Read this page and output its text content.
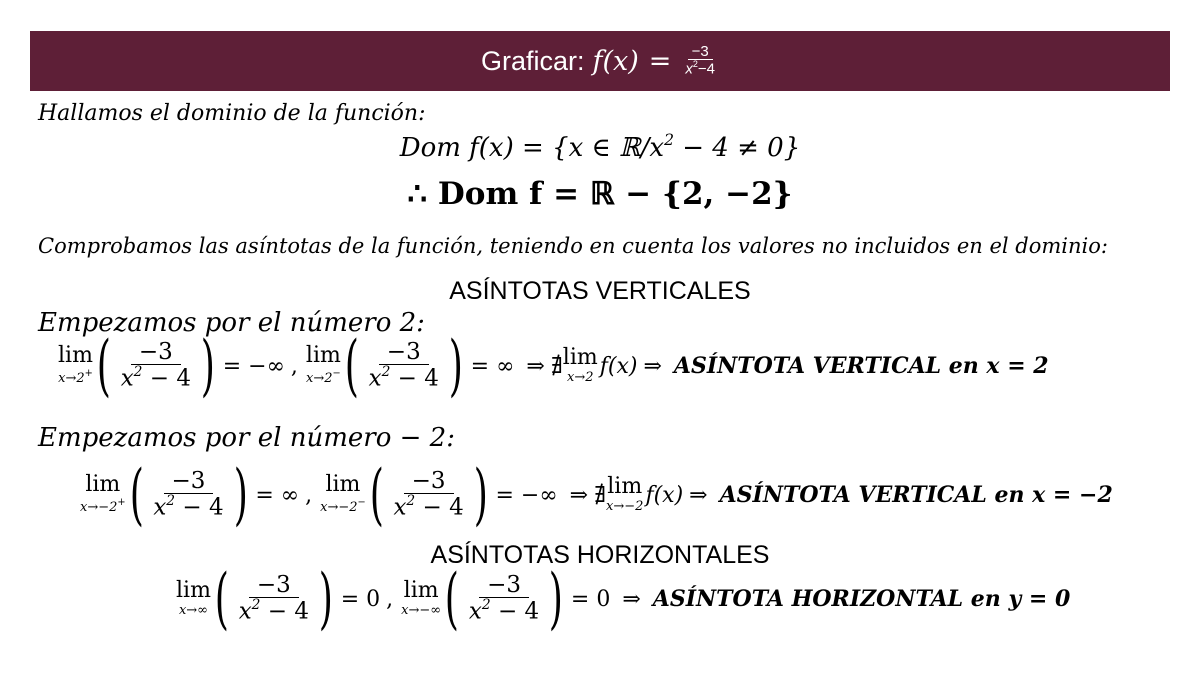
Graficar: $f(x) = \frac{-3}{x^2-4}$
Hallamos el dominio de la función:
Dom f(x) = {x ∈ $ℝ/x^2 - 4 \ne 0$}
∴ Dom f = ℝ − {2, −2}
Comprobamos las asíntotas de la función, teniendo en cuenta los valores no incluidos en el dominio:
ASÍNTOTAS VERTICALES
Empezamos por el número 2:
lim
x→2+ ( $\frac{-3}{x^2 - 4}$ ) = −∞ , lim
x→2− ( $\frac{-3}{x^2 - 4}$ ) = ∞ ⇒ ∄ lim
x→2 f(x) ⇒ ASÍNTOTA VERTICAL en x = 2
Empezamos por el número − 2:
lim
x→−2+ ( $\frac{-3}{x^2 - 4}$ ) = ∞ , lim
x→−2− ( $\frac{-3}{x^2 - 4}$ ) = −∞ ⇒ ∄ lim
x→−2 f(x) ⇒ ASÍNTOTA VERTICAL en x = −2
ASÍNTOTAS HORIZONTALES
lim
x→∞ ( $\frac{-3}{x^2 - 4}$ ) = 0 , lim
x→−∞ ( $\frac{-3}{x^2 - 4}$ ) = 0 ⇒ ASÍNTOTA HORIZONTAL en y = 0
